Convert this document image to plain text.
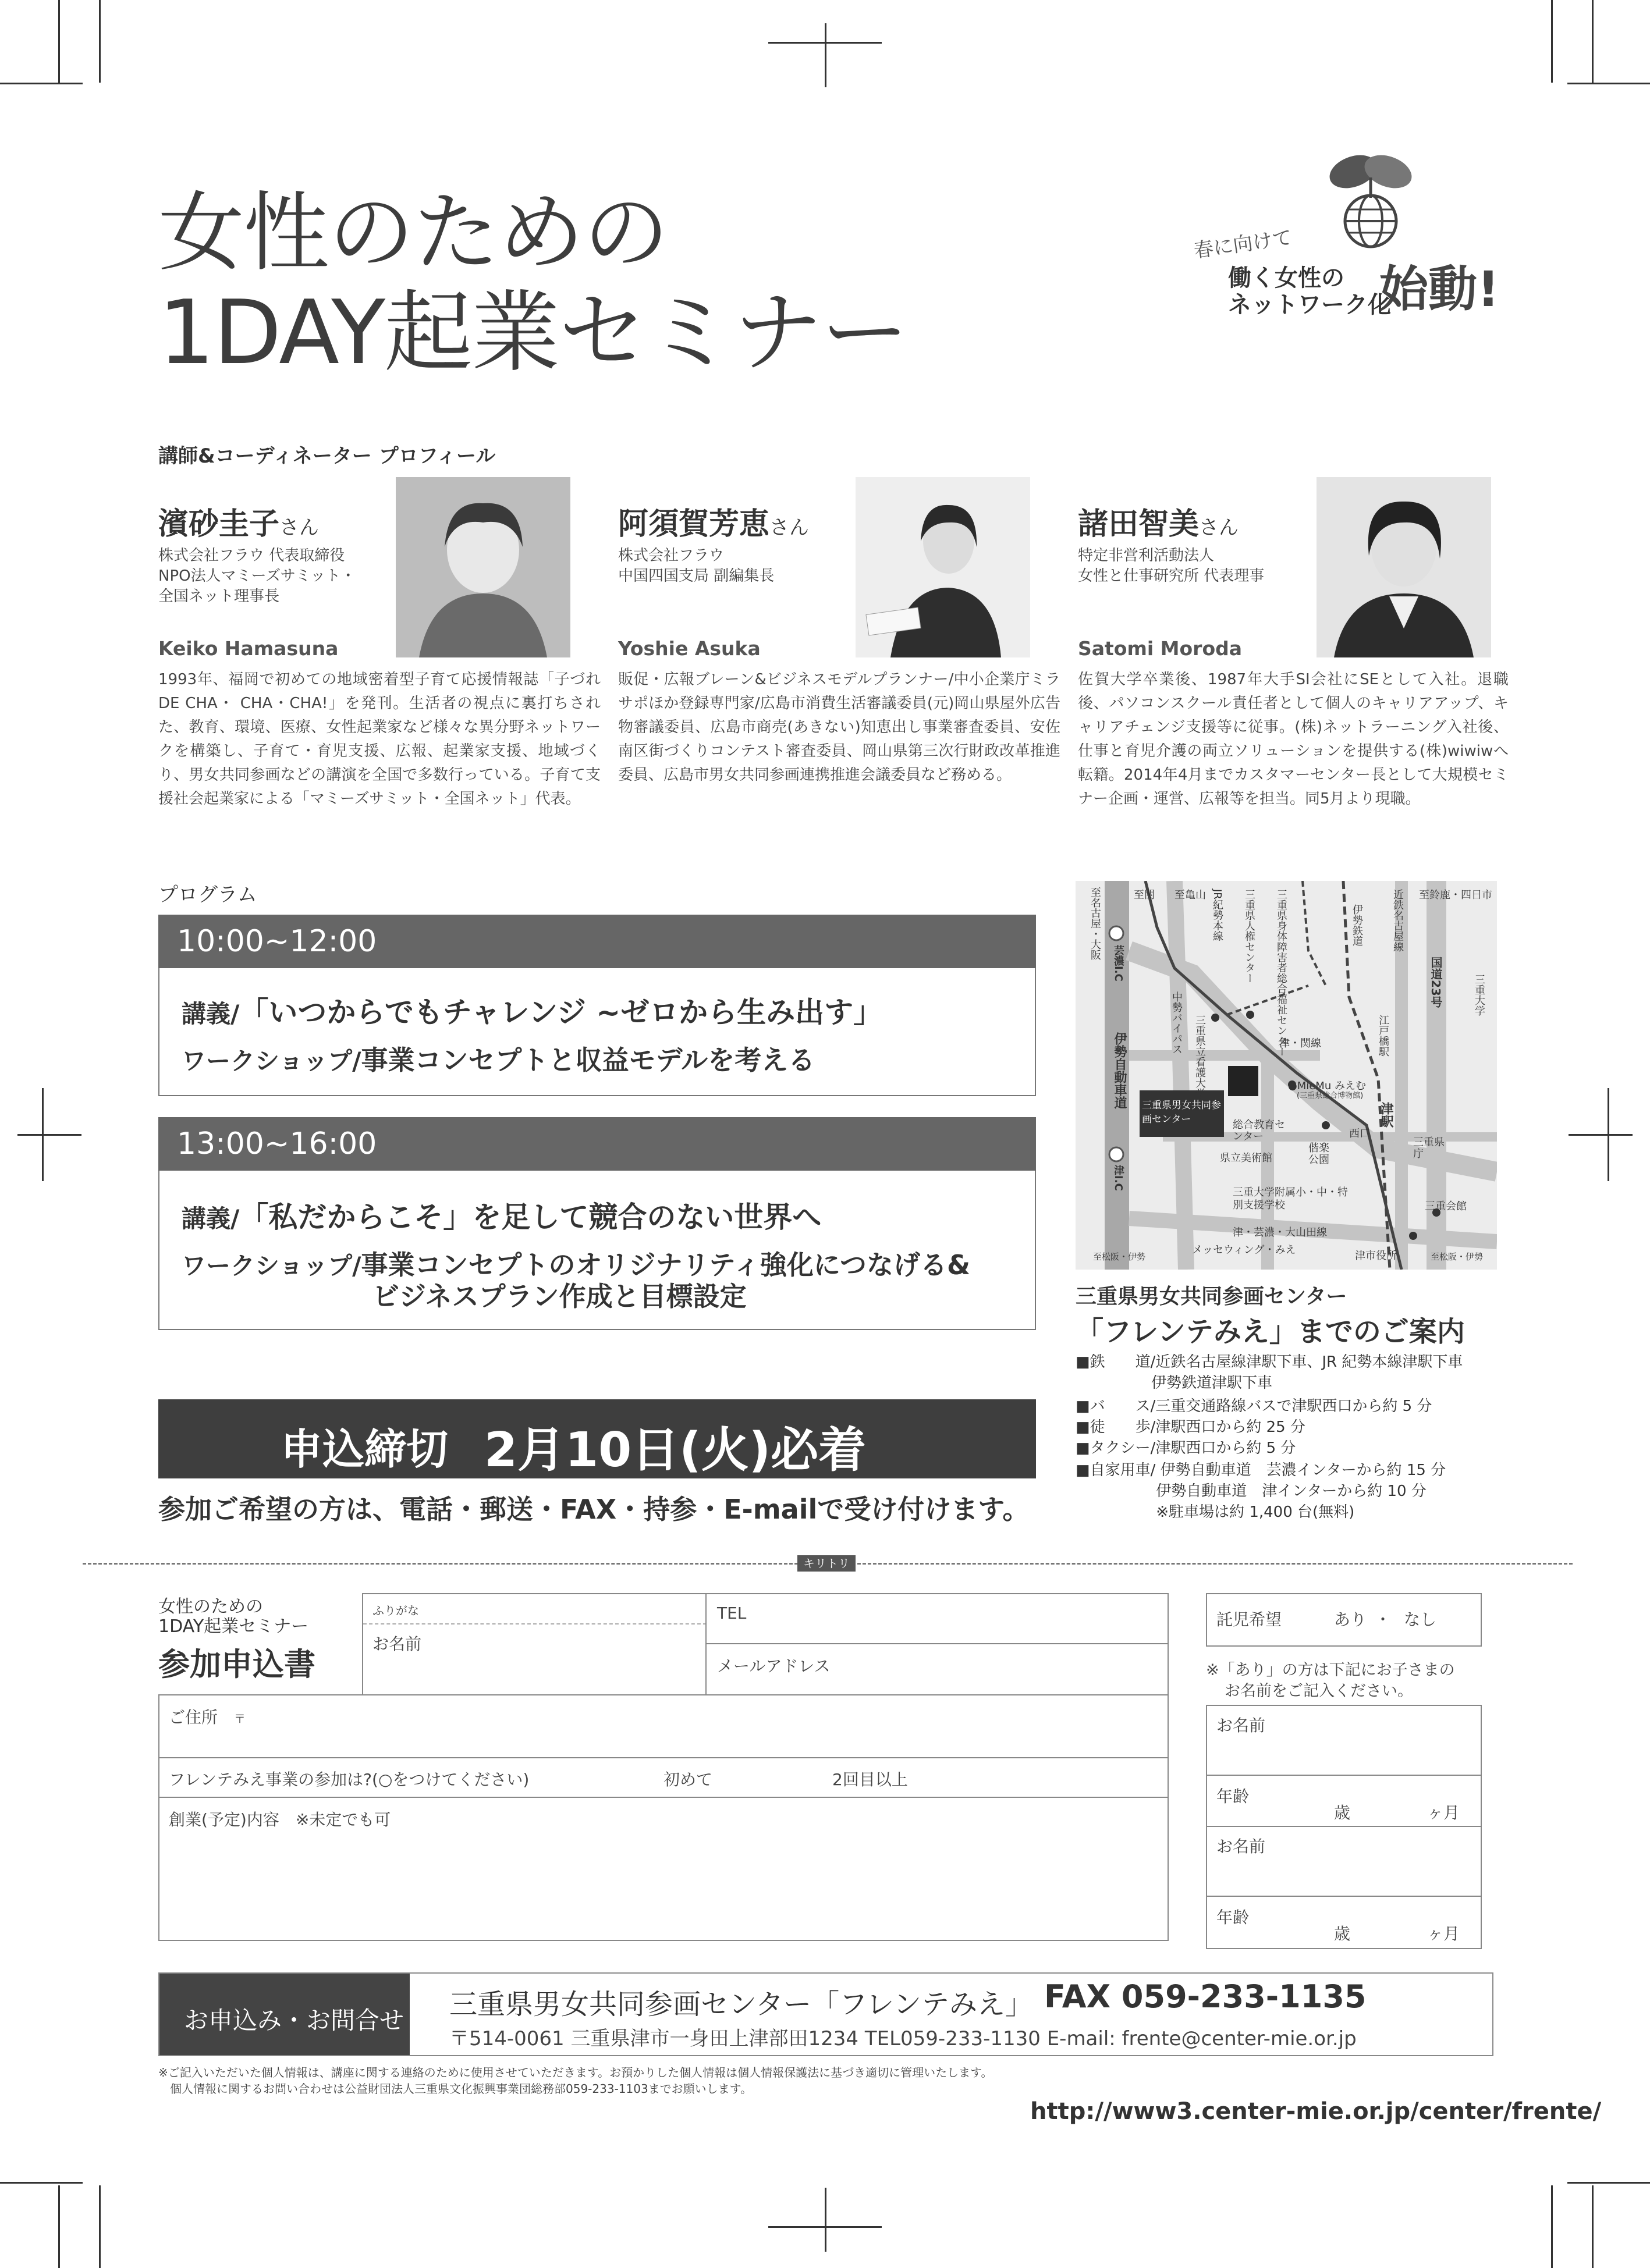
女性のための
1DAY起業セミナー
春に向けて
働く女性の
ネットワーク化
始動!
講師&コーディネーター プロフィール
濱砂圭子さん
株式会社フラウ 代表取締役
NPO法人マミーズサミット・
全国ネット理事長
Keiko Hamasuna
1993年、福岡で初めての地域密着型子育て応援情報誌「子づれ DE CHA・ CHA・CHA!」を発刊。生活者の視点に裏打ちされた、教育、環境、医療、女性起業家など様々な異分野ネットワークを構築し、子育て・育児支援、広報、起業家支援、地域づくり、男女共同参画などの講演を全国で多数行っている。子育て支援社会起業家による「マミーズサミット・全国ネット」代表。
阿須賀芳恵さん
株式会社フラウ
中国四国支局 副編集長
Yoshie Asuka
販促・広報ブレーン&ビジネスモデルプランナー/中小企業庁ミラサポほか登録専門家/広島市消費生活審議委員(元)岡山県屋外広告物審議委員、広島市商売(あきない)知恵出し事業審査委員、安佐南区街づくりコンテスト審査委員、岡山県第三次行財政改革推進委員、広島市男女共同参画連携推進会議委員など務める。
諸田智美さん
特定非営利活動法人
女性と仕事研究所 代表理事
Satomi Moroda
佐賀大学卒業後、1987年大手SI会社にSEとして入社。退職後、パソコンスクール責任者として個人のキャリアアップ、キャリアチェンジ支援等に従事。(株)ネットラーニング入社後、仕事と育児介護の両立ソリューションを提供する(株)wiwiwへ転籍。2014年4月までカスタマーセンター長として大規模セミナー企画・運営、広報等を担当。同5月より現職。
プログラム
10:00~12:00
講義/「いつからでもチャレンジ ~ゼロから生み出す」
ワークショップ/事業コンセプトと収益モデルを考える
13:00~16:00
講義/「私だからこそ」を足して競合のない世界へ
ワークショップ/事業コンセプトのオリジナリティ強化につなげる&
ビジネスプラン作成と目標設定
至亀山
至関
至名古屋・大阪	至鈴鹿・四日市
芸濃I.C
伊勢自動車道
津I.C
JR紀勢本線 三重県人権センター 三重県身体障害者総合福祉センター	伊勢鉄道	近鉄名古屋線
国道23号	三重大学
中勢バイパス 三重県立看護大学	津・関線	江戸橋駅
●MieMu みえむ
(三重県総合博物館)
三重県男女共同参画センター	津駅
西口
総合教育センター
県立美術館
偕楽公園
三重県庁
三重大学附属小・中・特別支援学校	三重会館
津・芸濃・大山田線
メッセウィング・みえ	津市役所
至松阪・伊勢	至松阪・伊勢
三重県男女共同参画センター
「フレンテみえ」までのご案内
■鉄　　道/近鉄名古屋線津駅下車、JR 紀勢本線津駅下車
　　　　　伊勢鉄道津駅下車
■バ　　ス/三重交通路線バスで津駅西口から約 5 分
■徒　　歩/津駅西口から約 25 分
■タクシー/津駅西口から約 5 分
■自家用車/ 伊勢自動車道　芸濃インターから約 15 分
　　　　　 伊勢自動車道　津インターから約 10 分
　　　　　 ※駐車場は約 1,400 台(無料)
申込締切 2月10日(火)必着
参加ご希望の方は、電話・郵送・FAX・持参・E-mailで受け付けます。
キリトリ
女性のための
1DAY起業セミナー
参加申込書
ふりがな
お名前
TEL
メールアドレス
ご住所　 〒
フレンテみえ事業の参加は?(○をつけてください)	初めて	2回目以上
創業(予定)内容　※未定でも可
託児希望	あり ・ なし
※「あり」の方は下記にお子さまの
お名前をご記入ください。
お名前
年齢
歳	ヶ月
お名前
年齢
歳	ヶ月
お申込み・お問合せ 三重県男女共同参画センター「フレンテみえ」 FAX 059-233-1135
〒514-0061 三重県津市一身田上津部田1234 TEL059-233-1130 E-mail: frente@center-mie.or.jp
※ご記入いただいた個人情報は、講座に関する連絡のために使用させていただきます。お預かりした個人情報は個人情報保護法に基づき適切に管理いたします。
　個人情報に関するお問い合わせは公益財団法人三重県文化振興事業団総務部059-233-1103までお願いします。
http://www3.center-mie.or.jp/center/frente/
